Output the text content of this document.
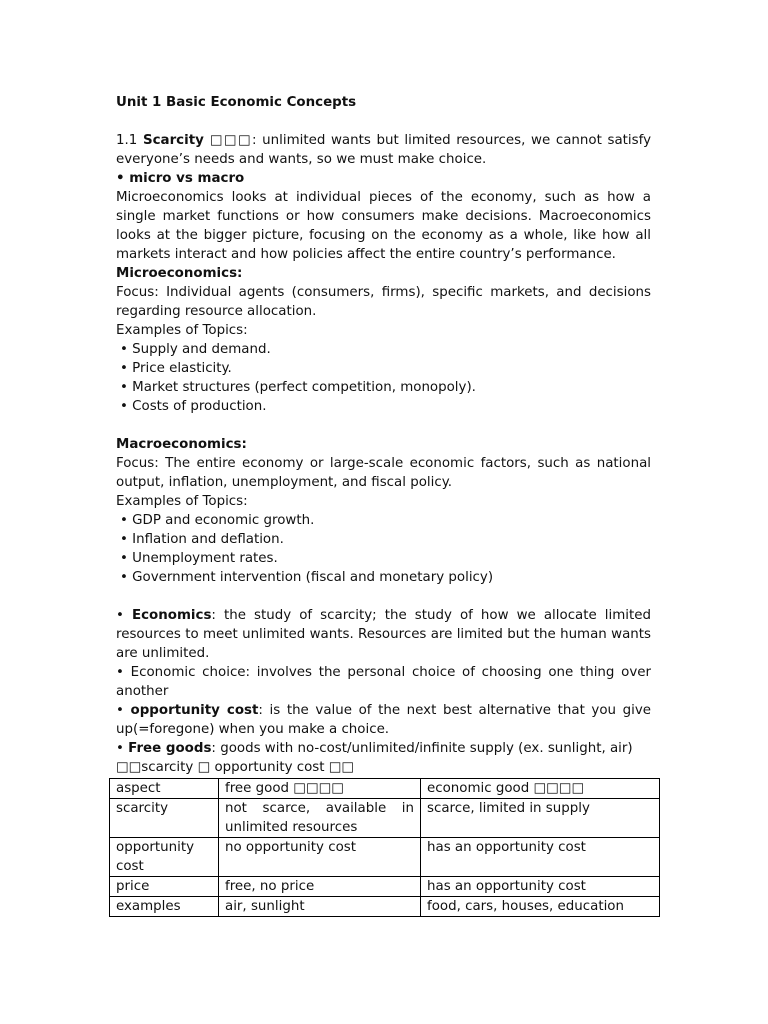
Unit 1 Basic Economic Concepts

1.1 Scarcity □□□: unlimited wants but limited resources, we cannot satisfy everyone’s needs and wants, so we must make choice.

• micro vs macro

Microeconomics looks at individual pieces of the economy, such as how a single market functions or how consumers make decisions. Macroeconomics looks at the bigger picture, focusing on the economy as a whole, like how all markets interact and how policies affect the entire country’s performance.

Microeconomics:

Focus: Individual agents (consumers, firms), specific markets, and decisions regarding resource allocation.

Examples of Topics:

• Supply and demand.

• Price elasticity.

• Market structures (perfect competition, monopoly).

• Costs of production.

Macroeconomics:

Focus: The entire economy or large-scale economic factors, such as national output, inflation, unemployment, and fiscal policy.

Examples of Topics:

• GDP and economic growth.

• Inflation and deflation.

• Unemployment rates.

• Government intervention (fiscal and monetary policy)

• Economics: the study of scarcity; the study of how we allocate limited resources to meet unlimited wants. Resources are limited but the human wants are unlimited.

• Economic choice: involves the personal choice of choosing one thing over another

• opportunity cost: is the value of the next best alternative that you give up(=foregone) when you make a choice.

• Free goods: goods with no-cost/unlimited/infinite supply (ex. sunlight, air) □□scarcity □ opportunity cost □□

aspect	free good □□□□	economic good □□□□
scarcity	not scarce, available in unlimited resources	scarce, limited in supply
opportunity cost	no opportunity cost	has an opportunity cost
price	free, no price	has an opportunity cost
examples	air, sunlight	food, cars, houses, education
